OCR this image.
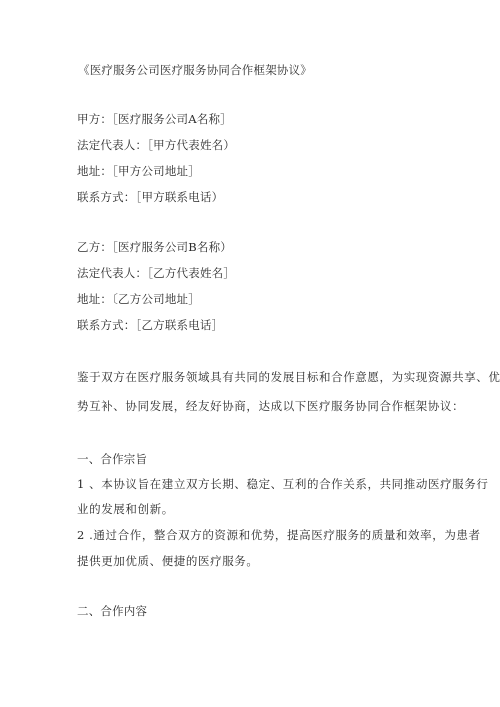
《医疗服务公司医疗服务协同合作框架协议》
甲方：［医疗服务公司A名称］
法定代表人：［甲方代表姓名）
地址：［甲方公司地址］
联系方式：［甲方联系电话）
乙方：［医疗服务公司B名称）
法定代表人：［乙方代表姓名］
地址：〔乙方公司地址］
联系方式：［乙方联系电话］
鉴于双方在医疗服务领域具有共同的发展目标和合作意愿，为实现资源共享、优
势互补、协同发展，经友好协商，达成以下医疗服务协同合作框架协议：
一、合作宗旨
1 、本协议旨在建立双方长期、稳定、互利的合作关系，共同推动医疗服务行
业的发展和创新。
2 .通过合作，整合双方的资源和优势，提高医疗服务的质量和效率，为患者
提供更加优质、便捷的医疗服务。
二、合作内容
